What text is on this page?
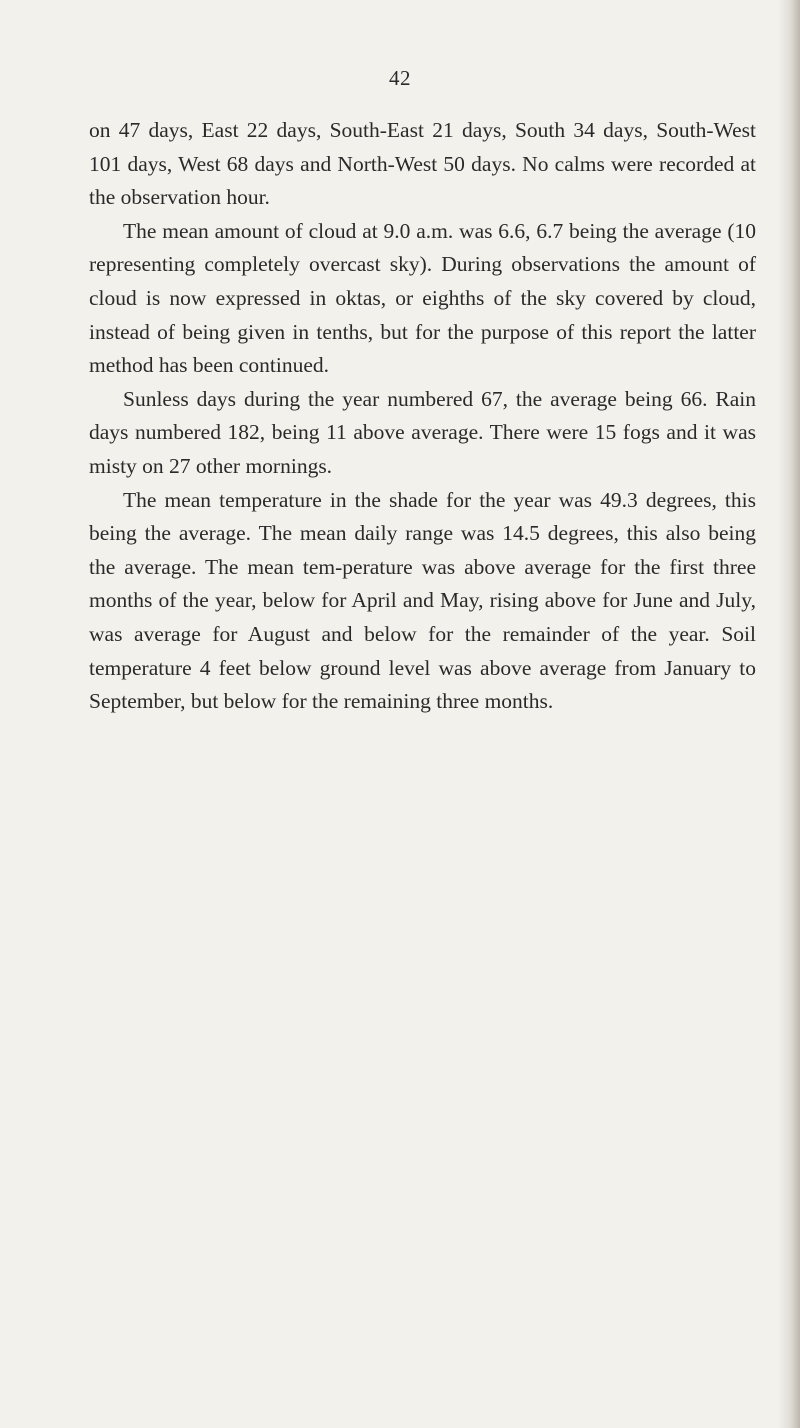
42

on 47 days, East 22 days, South-East 21 days, South 34 days, South-West 101 days, West 68 days and North-West 50 days. No calms were recorded at the observation hour.

The mean amount of cloud at 9.0 a.m. was 6.6, 6.7 being the average (10 representing completely overcast sky). During observations the amount of cloud is now expressed in oktas, or eighths of the sky covered by cloud, instead of being given in tenths, but for the purpose of this report the latter method has been continued.

Sunless days during the year numbered 67, the average being 66. Rain days numbered 182, being 11 above average. There were 15 fogs and it was misty on 27 other mornings.

The mean temperature in the shade for the year was 49.3 degrees, this being the average. The mean daily range was 14.5 degrees, this also being the average. The mean tem-perature was above average for the first three months of the year, below for April and May, rising above for June and July, was average for August and below for the remainder of the year. Soil temperature 4 feet below ground level was above average from January to September, but below for the remaining three months.
